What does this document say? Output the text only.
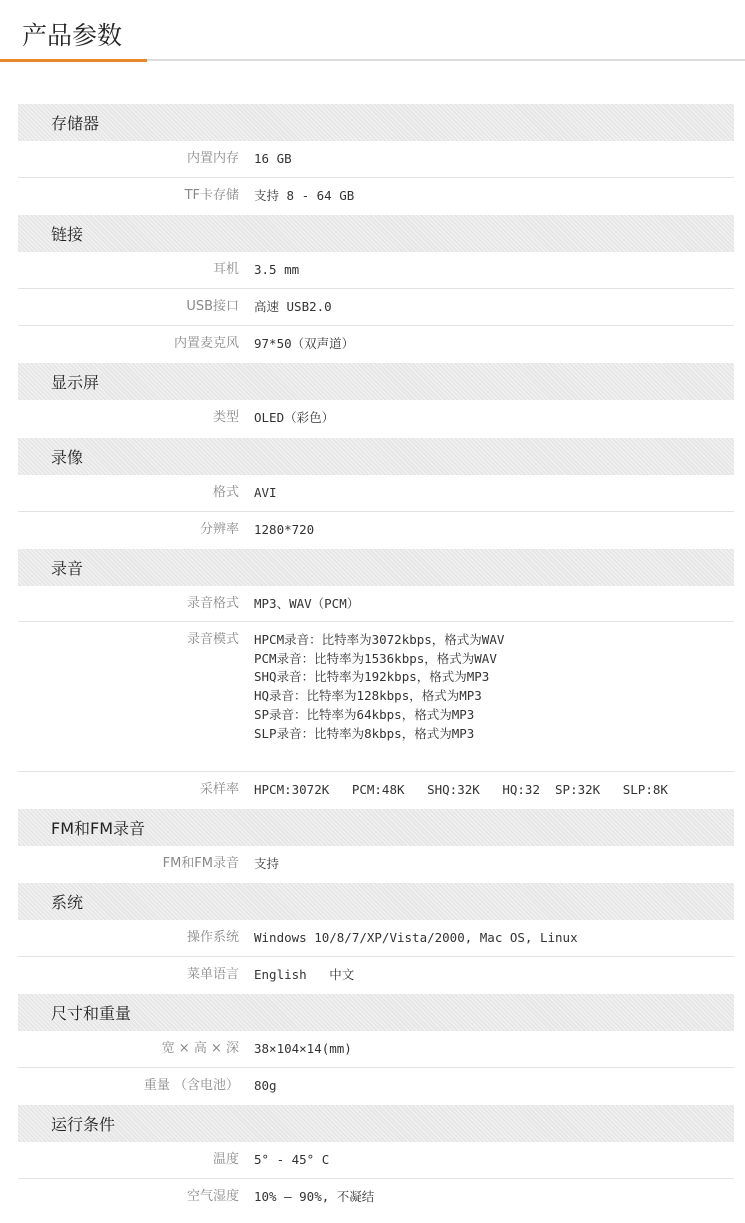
产品参数
存储器
内置内存	16 GB
TF卡存储	支持 8 - 64 GB
链接
耳机	3.5 mm
USB接口	高速 USB2.0
内置麦克风	97*50（双声道）
显示屏
类型	OLED（彩色）
录像
格式	AVI
分辨率	1280*720
录音
录音格式	MP3、WAV（PCM）
录音模式 HPCM录音：比特率为3072kbps，格式为WAV
PCM录音：比特率为1536kbps，格式为WAV
SHQ录音：比特率为192kbps，格式为MP3
HQ录音：比特率为128kbps，格式为MP3
SP录音：比特率为64kbps，格式为MP3
SLP录音：比特率为8kbps，格式为MP3
采样率 HPCM:3072K   PCM:48K   SHQ:32K   HQ:32  SP:32K   SLP:8K
FM和FM录音
FM和FM录音	支持
系统
操作系统	Windows 10/8/7/XP/Vista/2000, Mac OS, Linux
菜单语言 English   中文
尺寸和重量
宽 × 高 × 深	38×104×14(mm)
重量 （含电池）	80g
运行条件
温度	5° - 45° C
空气湿度	10% — 90%, 不凝结
